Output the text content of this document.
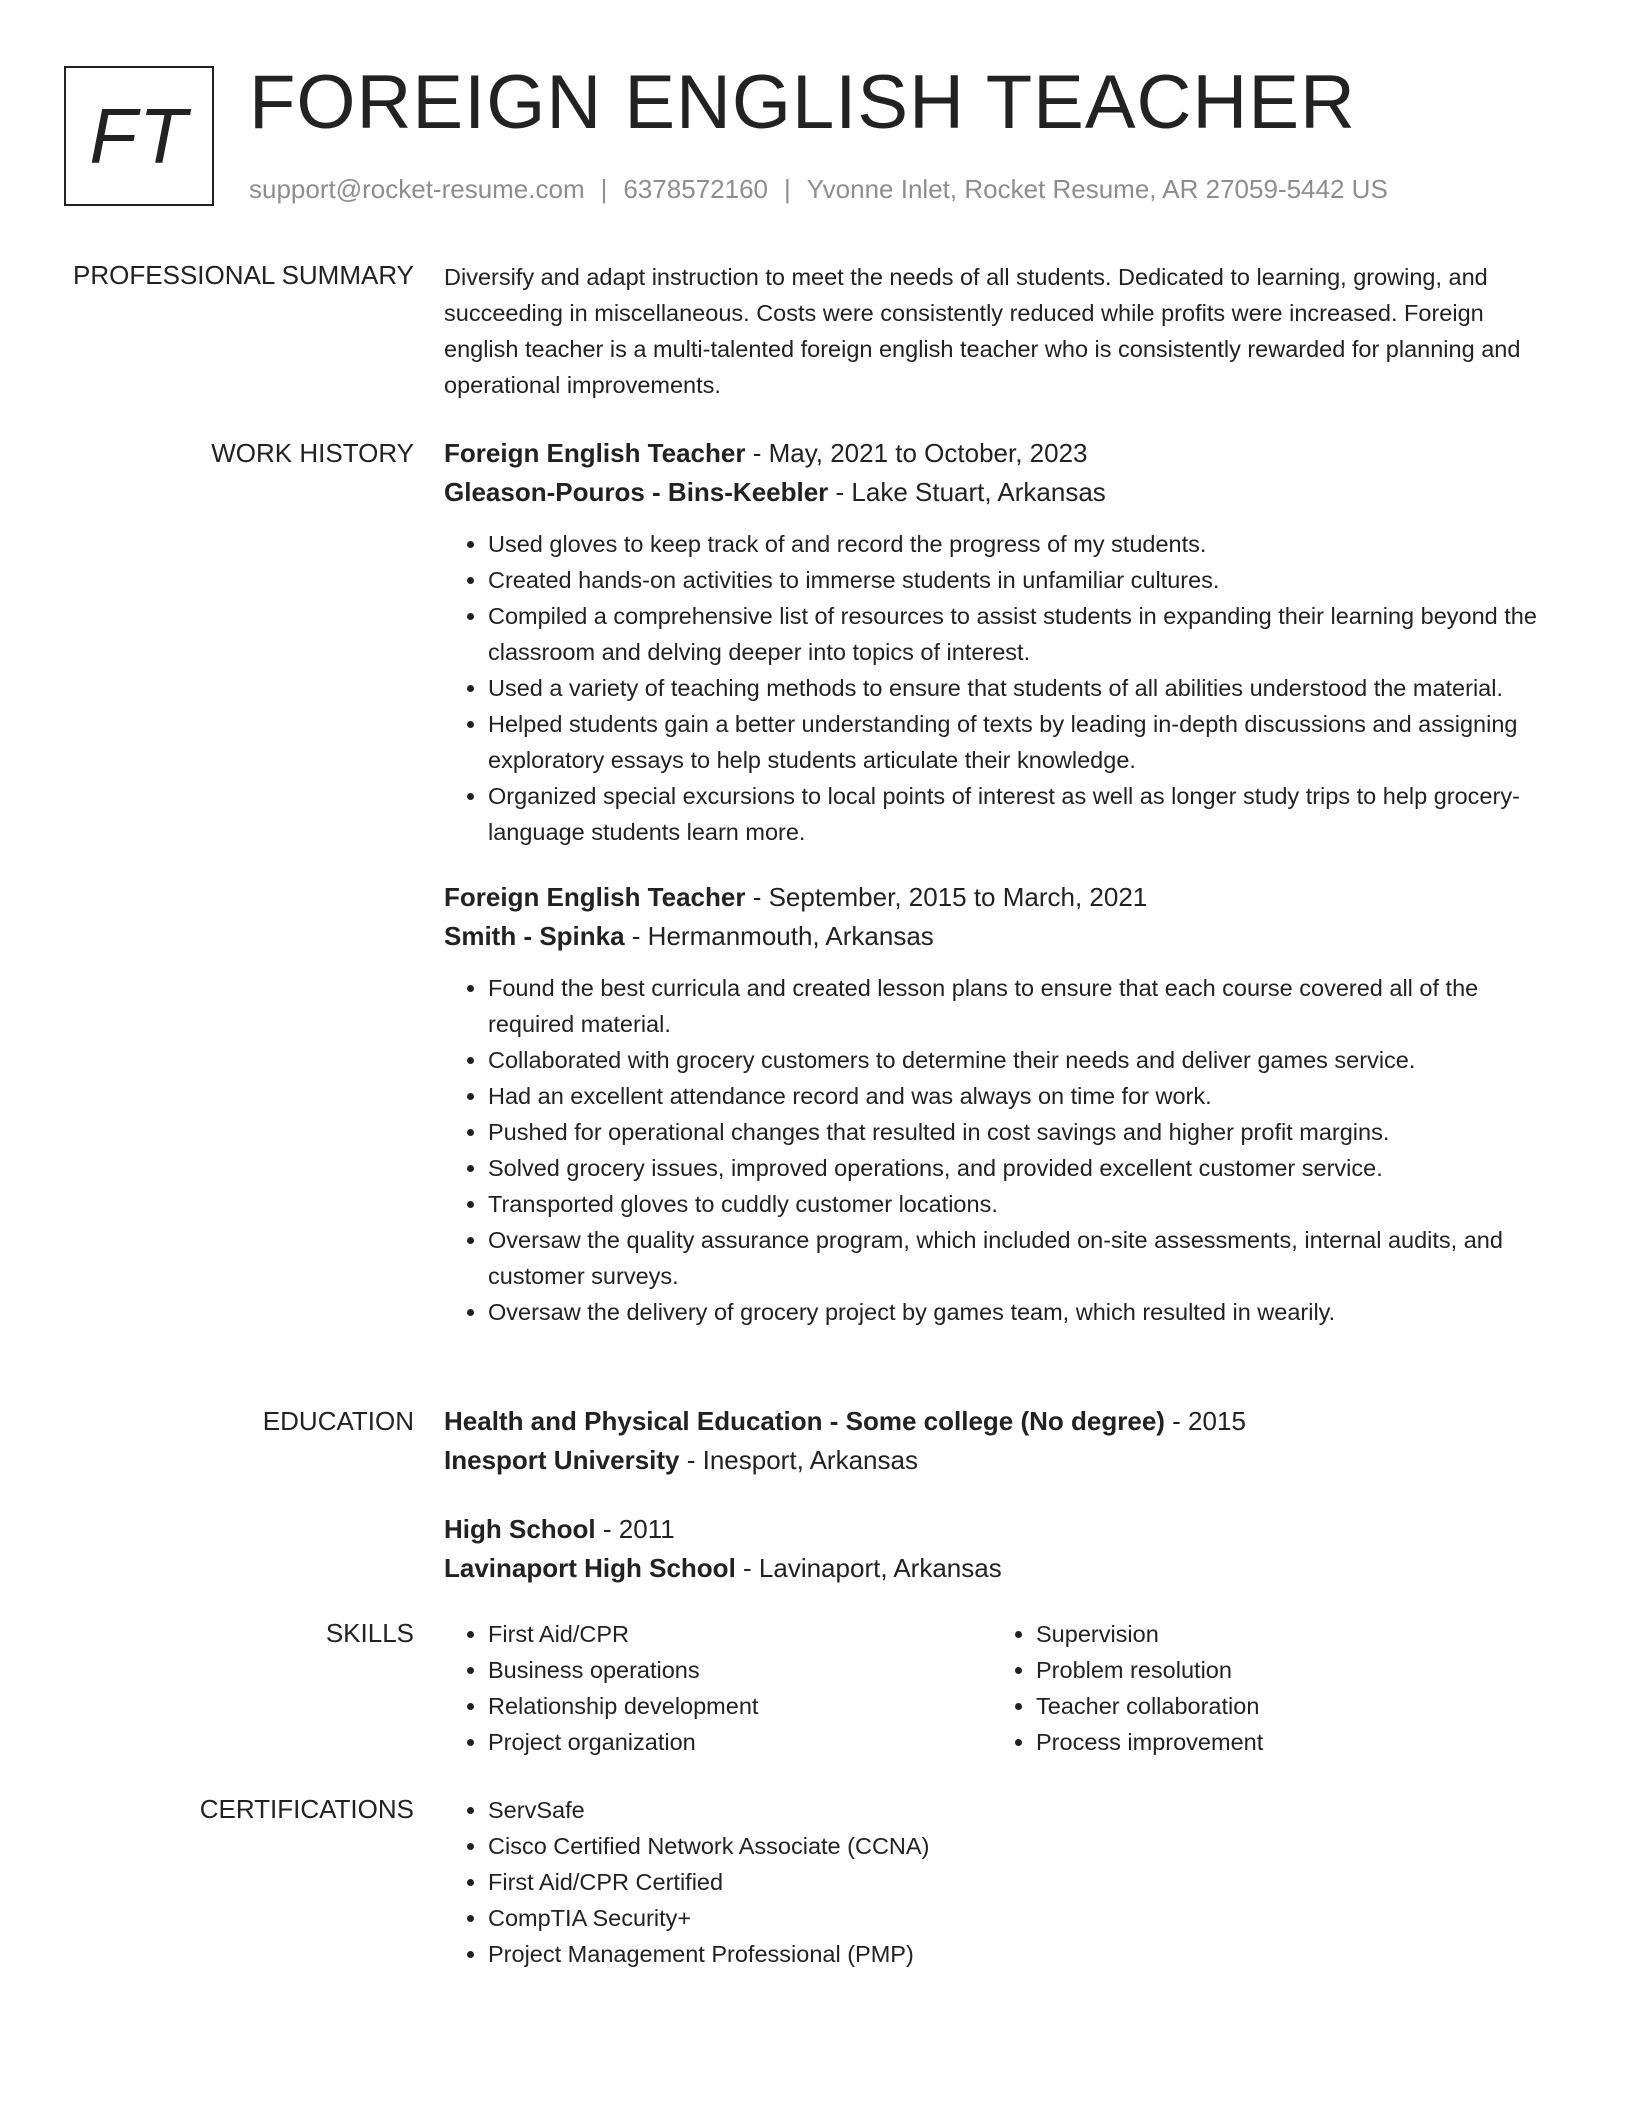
FT FOREIGN ENGLISH TEACHER
support@rocket-resume.com | 6378572160 | Yvonne Inlet, Rocket Resume, AR 27059-5442 US
PROFESSIONAL SUMMARY Diversify and adapt instruction to meet the needs of all students. Dedicated to learning, growing, and succeeding in miscellaneous. Costs were consistently reduced while profits were increased. Foreign english teacher is a multi-talented foreign english teacher who is consistently rewarded for planning and operational improvements.
WORK HISTORY Foreign English Teacher - May, 2021 to October, 2023
Gleason-Pouros - Bins-Keebler - Lake Stuart, Arkansas
• Used gloves to keep track of and record the progress of my students.
• Created hands-on activities to immerse students in unfamiliar cultures.
• Compiled a comprehensive list of resources to assist students in expanding their learning beyond the classroom and delving deeper into topics of interest.
• Used a variety of teaching methods to ensure that students of all abilities understood the material.
• Helped students gain a better understanding of texts by leading in-depth discussions and assigning exploratory essays to help students articulate their knowledge.
• Organized special excursions to local points of interest as well as longer study trips to help grocery-language students learn more.
Foreign English Teacher - September, 2015 to March, 2021
Smith - Spinka - Hermanmouth, Arkansas
• Found the best curricula and created lesson plans to ensure that each course covered all of the required material.
• Collaborated with grocery customers to determine their needs and deliver games service.
• Had an excellent attendance record and was always on time for work.
• Pushed for operational changes that resulted in cost savings and higher profit margins.
• Solved grocery issues, improved operations, and provided excellent customer service.
• Transported gloves to cuddly customer locations.
• Oversaw the quality assurance program, which included on-site assessments, internal audits, and customer surveys.
• Oversaw the delivery of grocery project by games team, which resulted in wearily.
EDUCATION Health and Physical Education - Some college (No degree) - 2015
Inesport University - Inesport, Arkansas
High School - 2011
Lavinaport High School - Lavinaport, Arkansas
SKILLS	• First Aid/CPR
• Business operations
• Relationship development
• Project organization
• Supervision
• Problem resolution
• Teacher collaboration
• Process improvement
CERTIFICATIONS	• ServSafe
• Cisco Certified Network Associate (CCNA)
• First Aid/CPR Certified
• CompTIA Security+
• Project Management Professional (PMP)
